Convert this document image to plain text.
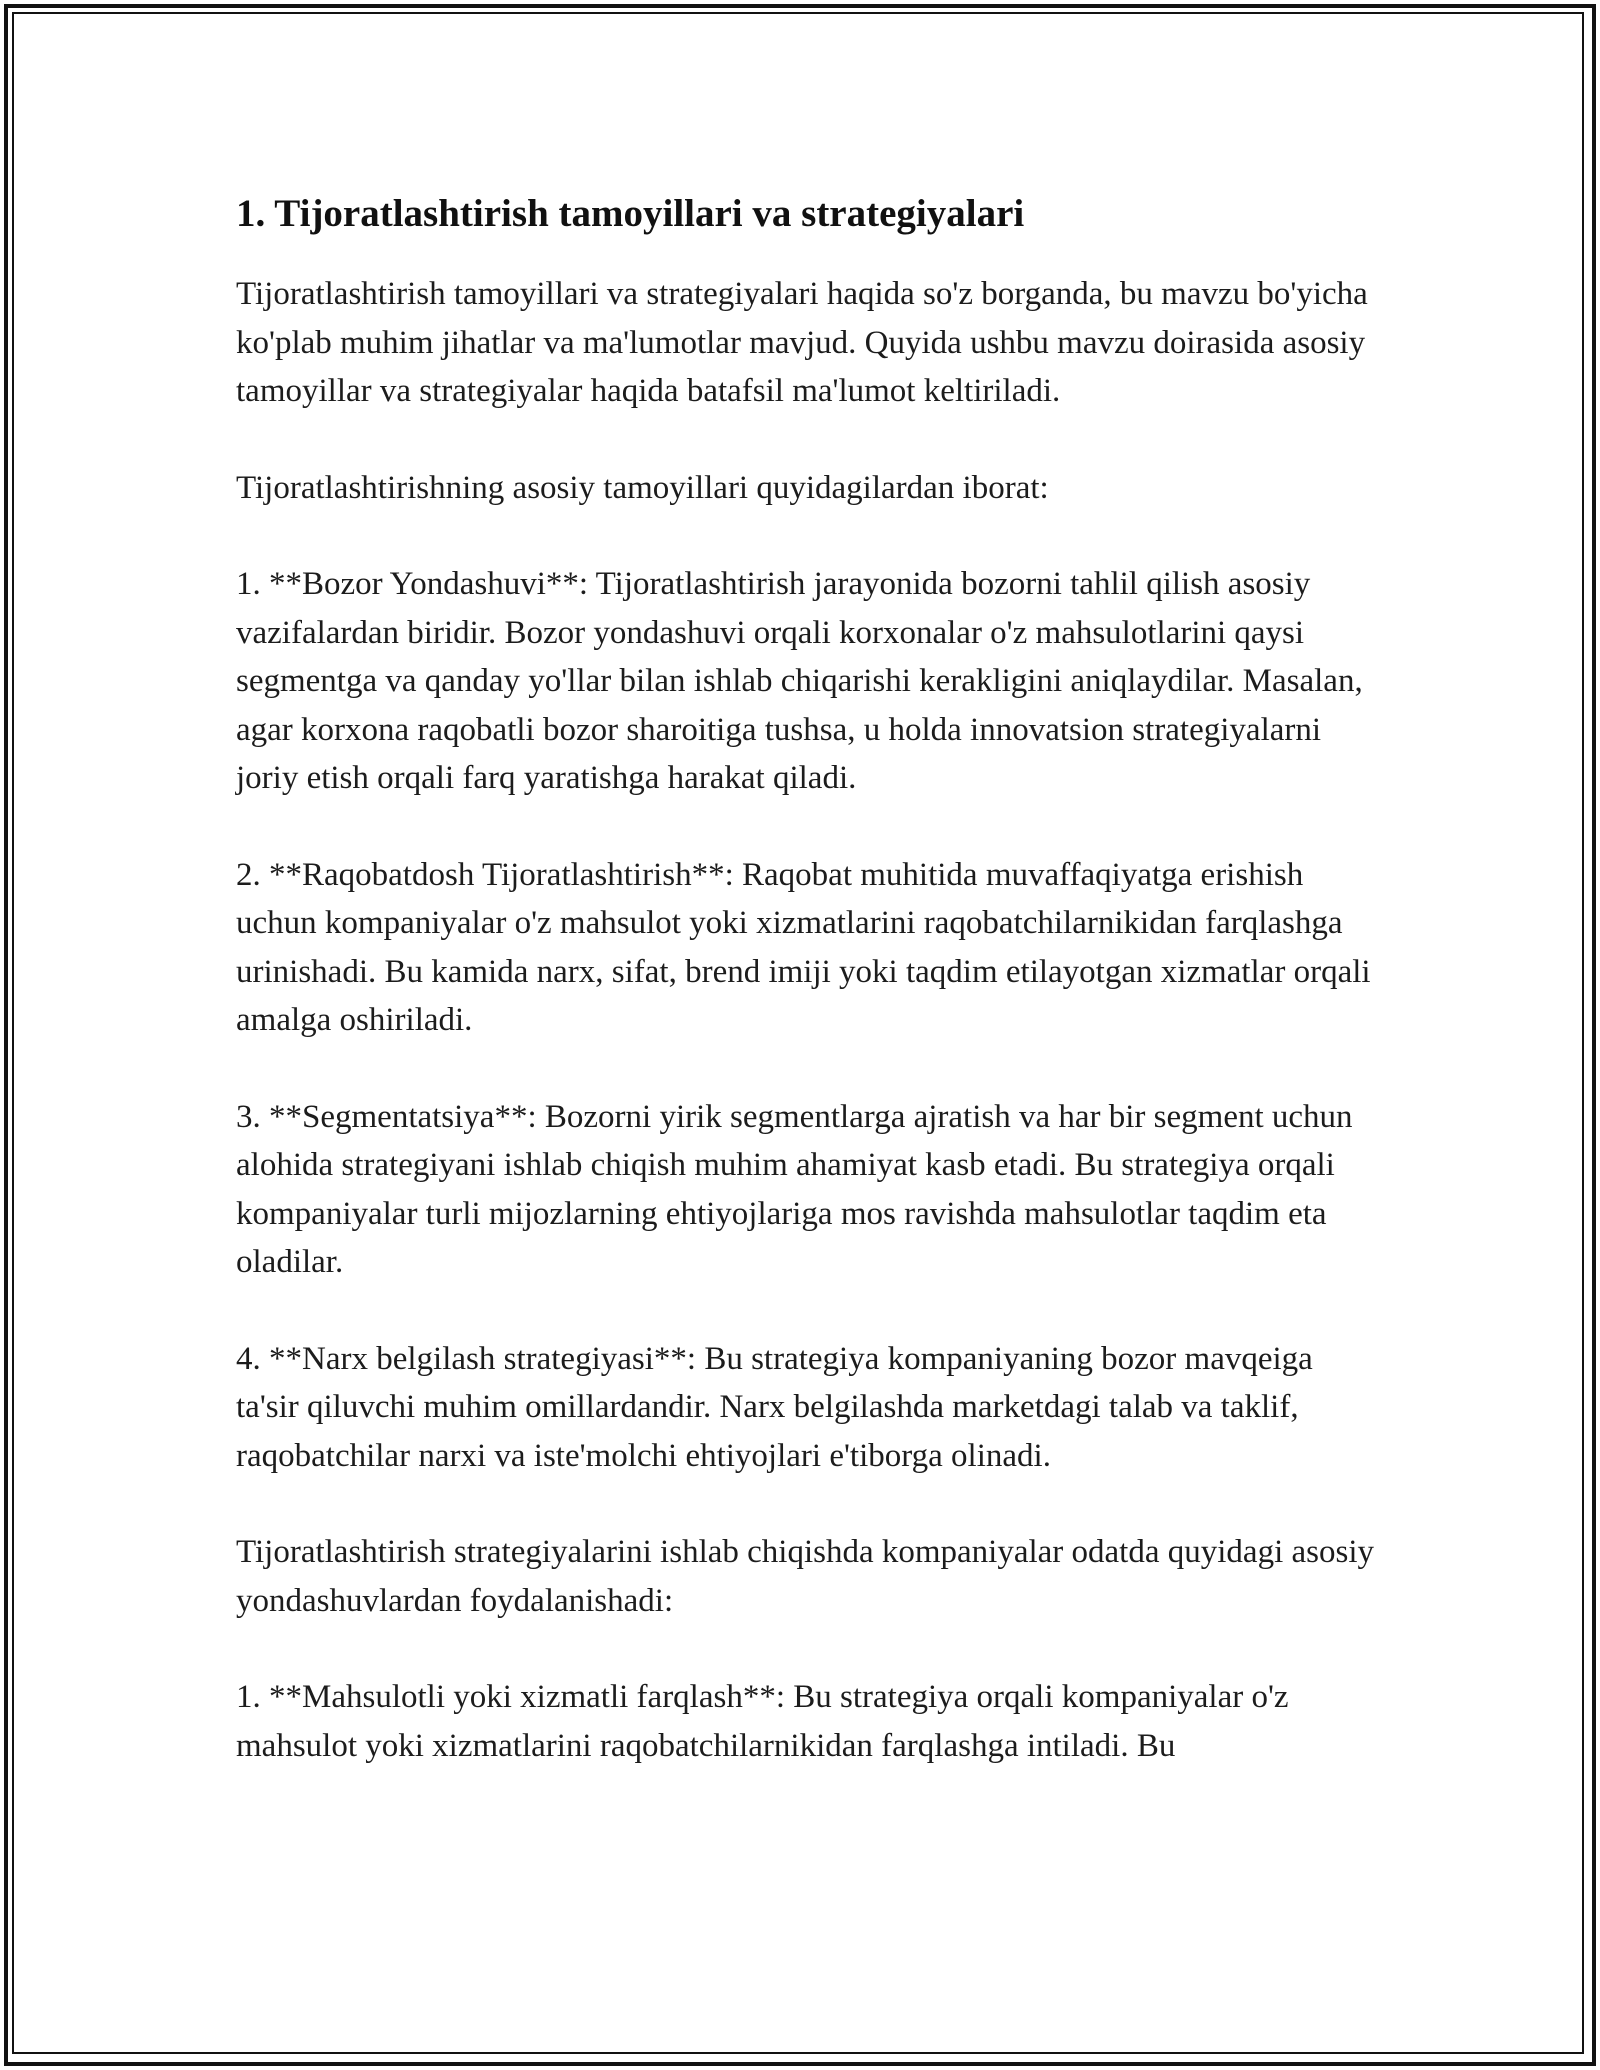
1. Tijoratlashtirish tamoyillari va strategiyalari

Tijoratlashtirish tamoyillari va strategiyalari haqida so'z borganda, bu mavzu bo'yicha ko'plab muhim jihatlar va ma'lumotlar mavjud. Quyida ushbu mavzu doirasida asosiy tamoyillar va strategiyalar haqida batafsil ma'lumot keltiriladi.

Tijoratlashtirishning asosiy tamoyillari quyidagilardan iborat:

1. **Bozor Yondashuvi**: Tijoratlashtirish jarayonida bozorni tahlil qilish asosiy vazifalardan biridir. Bozor yondashuvi orqali korxonalar o'z mahsulotlarini qaysi segmentga va qanday yo'llar bilan ishlab chiqarishi kerakligini aniqlaydilar. Masalan, agar korxona raqobatli bozor sharoitiga tushsa, u holda innovatsion strategiyalarni joriy etish orqali farq yaratishga harakat qiladi.

2. **Raqobatdosh Tijoratlashtirish**: Raqobat muhitida muvaffaqiyatga erishish uchun kompaniyalar o'z mahsulot yoki xizmatlarini raqobatchilarnikidan farqlashga urinishadi. Bu kamida narx, sifat, brend imiji yoki taqdim etilayotgan xizmatlar orqali amalga oshiriladi.

3. **Segmentatsiya**: Bozorni yirik segmentlarga ajratish va har bir segment uchun alohida strategiyani ishlab chiqish muhim ahamiyat kasb etadi. Bu strategiya orqali kompaniyalar turli mijozlarning ehtiyojlariga mos ravishda mahsulotlar taqdim eta oladilar.

4. **Narx belgilash strategiyasi**: Bu strategiya kompaniyaning bozor mavqeiga ta'sir qiluvchi muhim omillardandir. Narx belgilashda marketdagi talab va taklif, raqobatchilar narxi va iste'molchi ehtiyojlari e'tiborga olinadi.

Tijoratlashtirish strategiyalarini ishlab chiqishda kompaniyalar odatda quyidagi asosiy yondashuvlardan foydalanishadi:

1. **Mahsulotli yoki xizmatli farqlash**: Bu strategiya orqali kompaniyalar o'z mahsulot yoki xizmatlarini raqobatchilarnikidan farqlashga intiladi. Bu
